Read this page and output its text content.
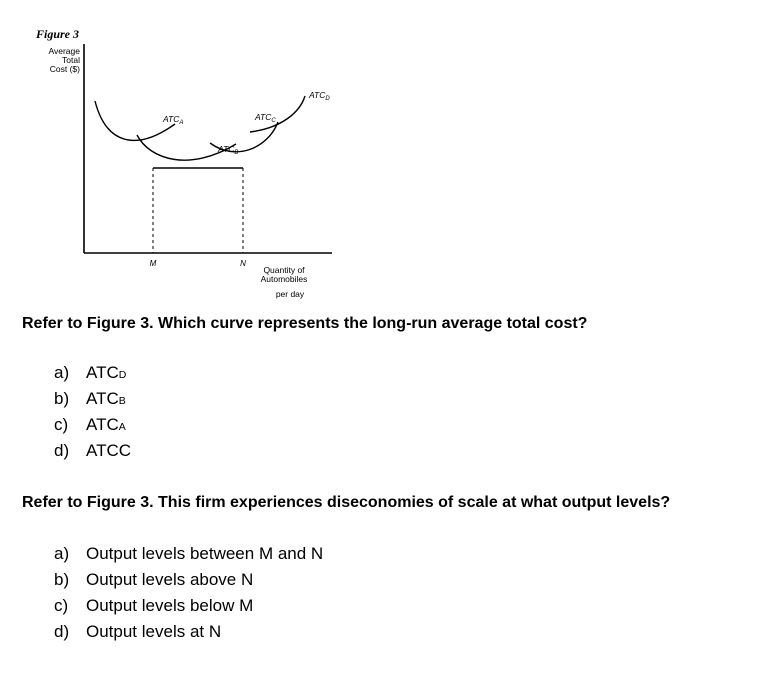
Figure 3
Average
Total
Cost ($)
Quantity of
Automobiles
per day
M	N
$ATC_A$
$ATC_B$
$ATC_C$
$ATC_D$
Refer to Figure 3. Which curve represents the long-run average total cost?
a) ATCD
b) ATCB
c) ATCA
d) ATCC
Refer to Figure 3. This firm experiences diseconomies of scale at what output levels?
a) Output levels between M and N
b) Output levels above N
c) Output levels below M
d) Output levels at N
